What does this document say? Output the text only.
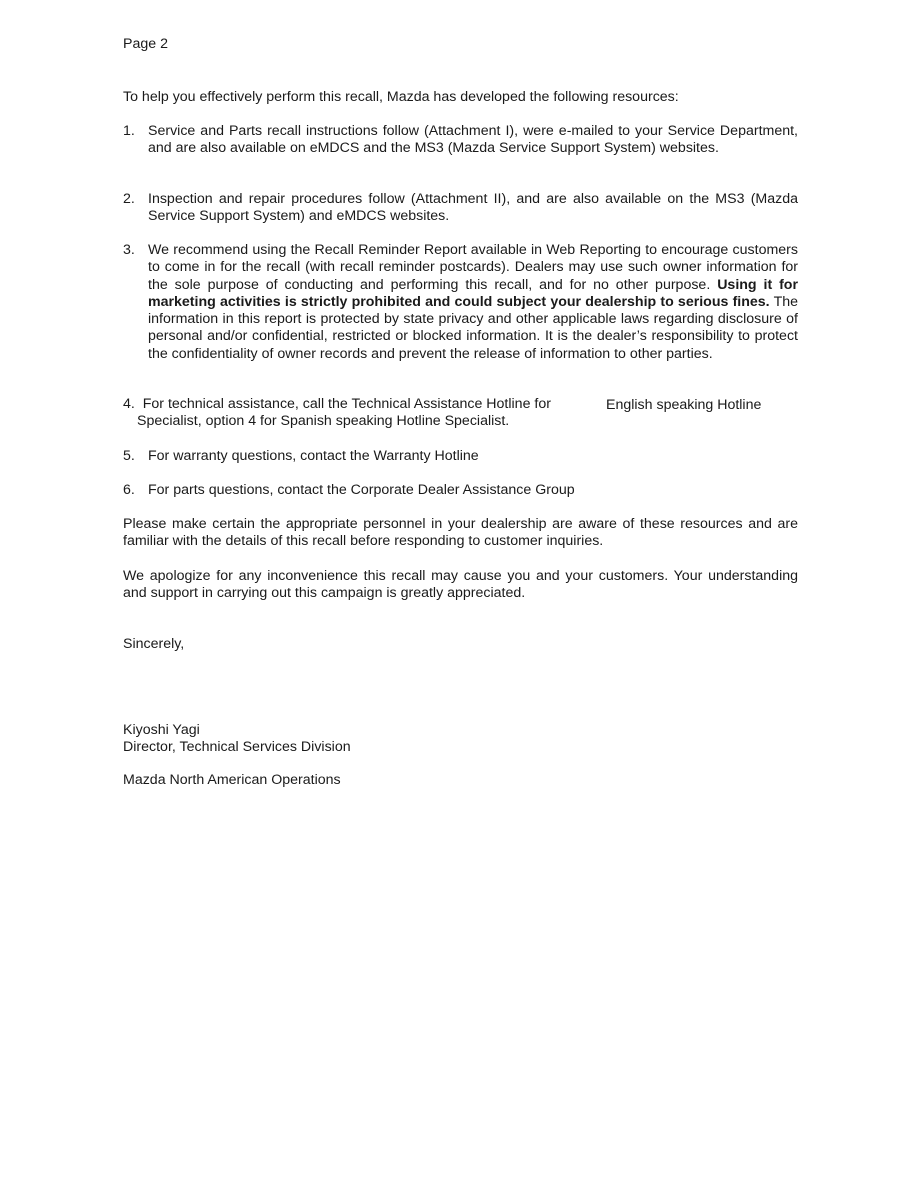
Page 2
To help you effectively perform this recall, Mazda has developed the following resources:
1. Service and Parts recall instructions follow (Attachment I), were e-mailed to your Service Department, and are also available on eMDCS and the MS3 (Mazda Service Support System) websites.
2. Inspection and repair procedures follow (Attachment II), and are also available on the MS3 (Mazda Service Support System) and eMDCS websites.
3. We recommend using the Recall Reminder Report available in Web Reporting to encourage customers to come in for the recall (with recall reminder postcards). Dealers may use such owner information for the sole purpose of conducting and performing this recall, and for no other purpose. Using it for marketing activities is strictly prohibited and could subject your dealership to serious fines. The information in this report is protected by state privacy and other applicable laws regarding disclosure of personal and/or confidential, restricted or blocked information. It is the dealer’s responsibility to protect the confidentiality of owner records and prevent the release of information to other parties.
4. For technical assistance, call the Technical Assistance Hotline for	English speaking Hotline
Specialist, option 4 for Spanish speaking Hotline Specialist.
5. For warranty questions, contact the Warranty Hotline
6. For parts questions, contact the Corporate Dealer Assistance Group
Please make certain the appropriate personnel in your dealership are aware of these resources and are familiar with the details of this recall before responding to customer inquiries.
We apologize for any inconvenience this recall may cause you and your customers. Your understanding and support in carrying out this campaign is greatly appreciated.
Sincerely,
Kiyoshi Yagi
Director, Technical Services Division
Mazda North American Operations
